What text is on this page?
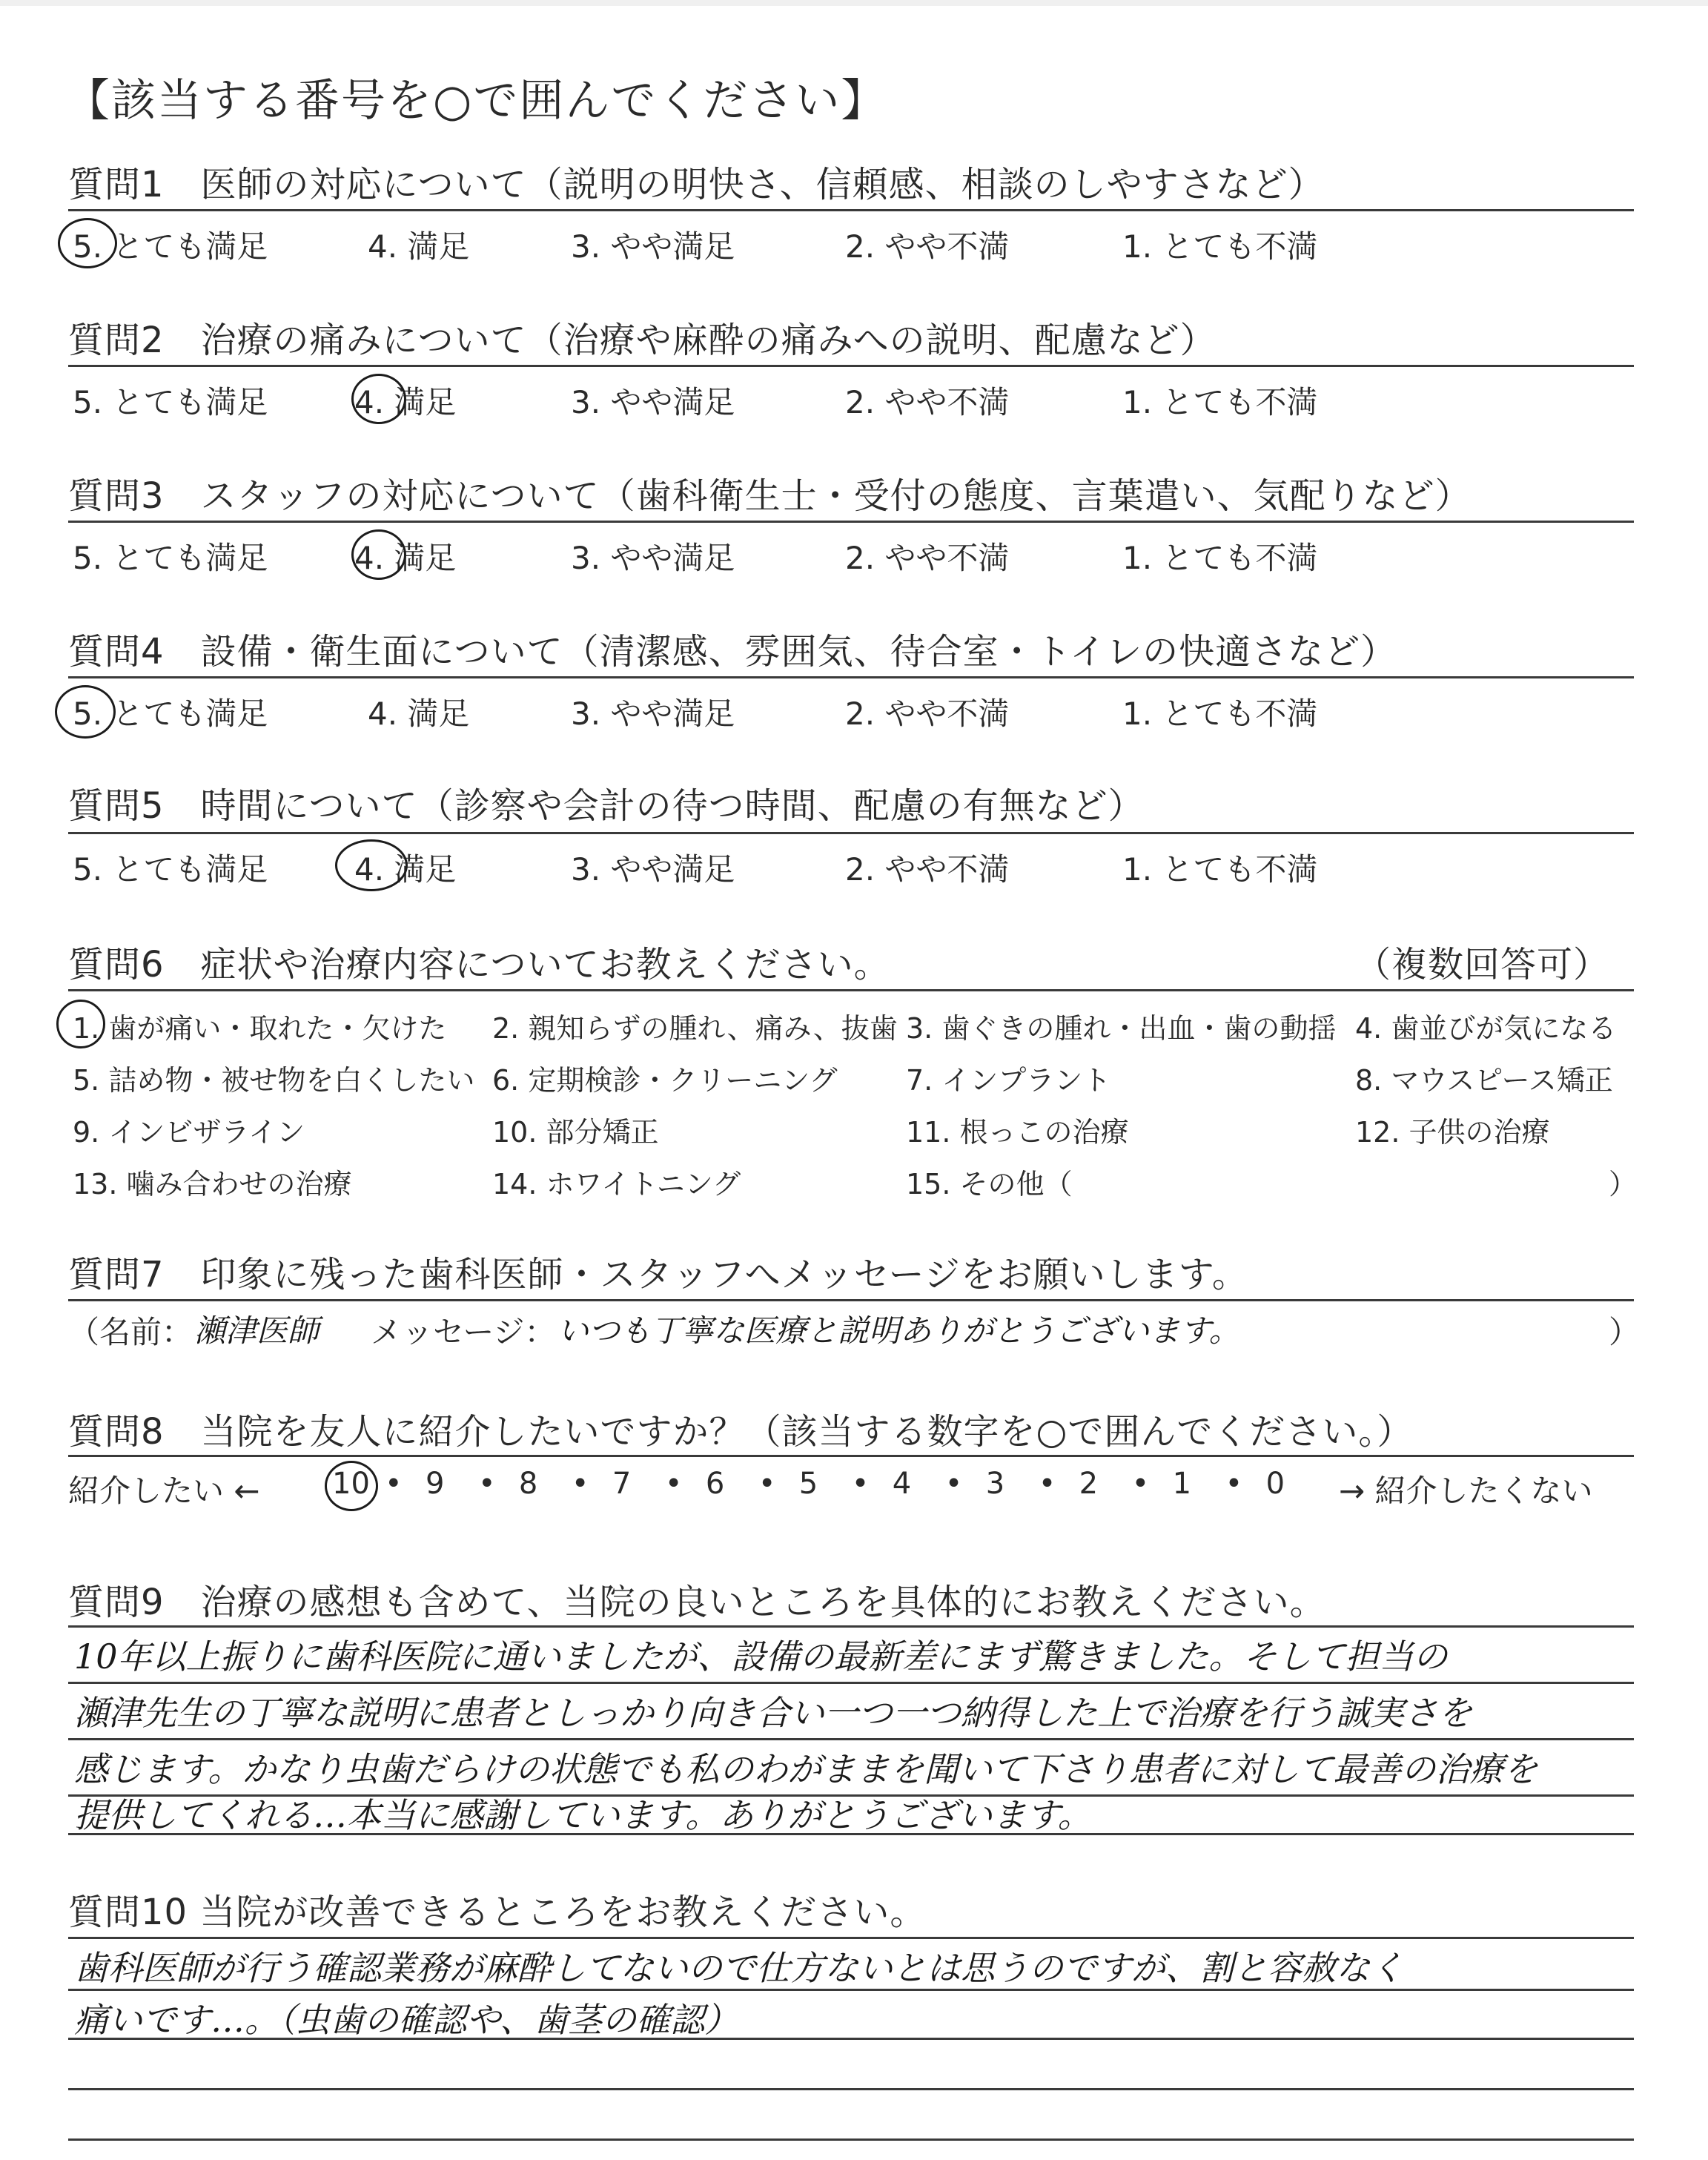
【該当する番号を○で囲んでください】
質問1　医師の対応について（説明の明快さ、信頼感、相談のしやすさなど）
5. とても満足	4. 満足	3. やや満足	2. やや不満	1. とても不満
質問2　治療の痛みについて（治療や麻酔の痛みへの説明、配慮など）
5. とても満足	4. 満足	3. やや満足	2. やや不満	1. とても不満
質問3　スタッフの対応について（歯科衛生士・受付の態度、言葉遣い、気配りなど）
5. とても満足	4. 満足	3. やや満足	2. やや不満	1. とても不満
質問4　設備・衛生面について（清潔感、雰囲気、待合室・トイレの快適さなど）
5. とても満足	4. 満足	3. やや満足	2. やや不満	1. とても不満
質問5　時間について（診察や会計の待つ時間、配慮の有無など）
5. とても満足	4. 満足	3. やや満足	2. やや不満	1. とても不満
質問6　症状や治療内容についてお教えください。	（複数回答可）
1. 歯が痛い・取れた・欠けた 2. 親知らずの腫れ、痛み、抜歯 3. 歯ぐきの腫れ・出血・歯の動揺 4. 歯並びが気になる
5. 詰め物・被せ物を白くしたい 6. 定期検診・クリーニング 7. インプラント	8. マウスピース矯正
9. インビザライン	10. 部分矯正	11. 根っこの治療	12. 子供の治療
13. 噛み合わせの治療	14. ホワイトニング	15. その他（	）
質問7　印象に残った歯科医師・スタッフへメッセージをお願いします。
（名前： 瀬津医師 メッセージ： いつも丁寧な医療と説明ありがとうございます。	）
質問8　当院を友人に紹介したいですか？（該当する数字を○で囲んでください。）
紹介したい ← 10 • 9 • 8 • 7 • 6 • 5 • 4 • 3 • 2 • 1 • 0 → 紹介したくない
質問9　治療の感想も含めて、当院の良いところを具体的にお教えください。
10年以上振りに歯科医院に通いましたが、設備の最新差にまず驚きました。そして担当の
瀬津先生の丁寧な説明に患者としっかり向き合い一つ一つ納得した上で治療を行う誠実さを
感じます。かなり虫歯だらけの状態でも私のわがままを聞いて下さり患者に対して最善の治療を
提供してくれる…本当に感謝しています。ありがとうございます。
質問10 当院が改善できるところをお教えください。
歯科医師が行う確認業務が麻酔してないので仕方ないとは思うのですが、割と容赦なく
痛いです…。（虫歯の確認や、歯茎の確認）
